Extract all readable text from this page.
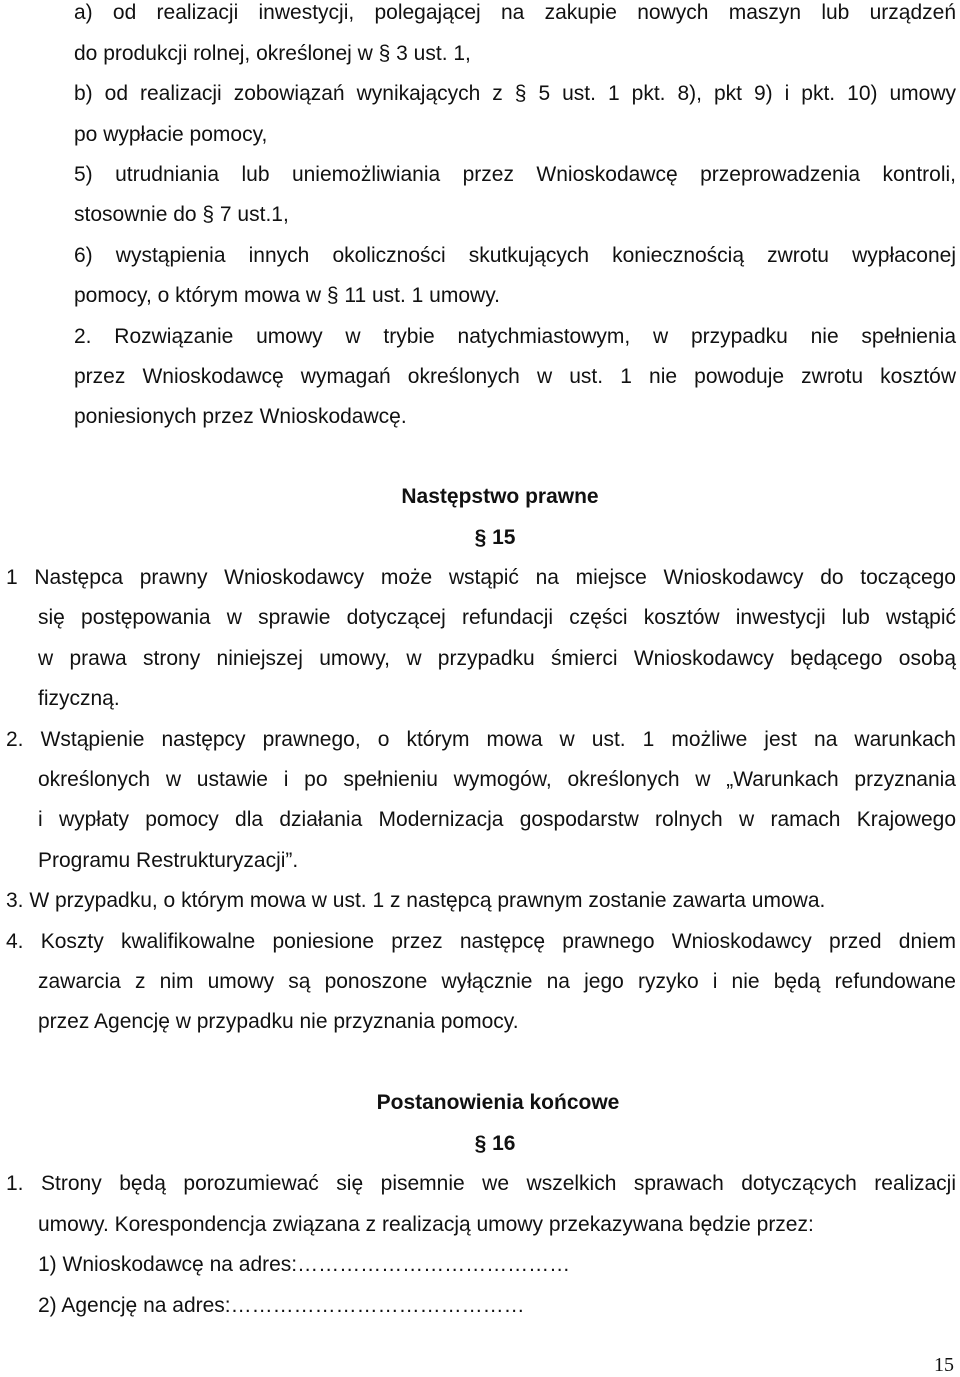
a) od realizacji inwestycji, polegającej na zakupie nowych maszyn lub urządzeń
do produkcji rolnej, określonej w § 3 ust. 1,
b) od realizacji zobowiązań wynikających z § 5 ust. 1 pkt. 8), pkt 9) i pkt. 10) umowy
po wypłacie pomocy,
5) utrudniania lub uniemożliwiania przez Wnioskodawcę przeprowadzenia kontroli,
stosownie do § 7 ust.1,
6) wystąpienia innych okoliczności skutkujących koniecznością zwrotu wypłaconej
pomocy, o którym mowa w § 11 ust. 1 umowy.
2. Rozwiązanie umowy w trybie natychmiastowym, w przypadku nie spełnienia
przez Wnioskodawcę wymagań określonych w ust. 1 nie powoduje zwrotu kosztów
poniesionych przez Wnioskodawcę.
Następstwo prawne
§ 15
1 Następca prawny Wnioskodawcy może wstąpić na miejsce Wnioskodawcy do toczącego
się postępowania w sprawie dotyczącej refundacji części kosztów inwestycji lub wstąpić
w prawa strony niniejszej umowy, w przypadku śmierci Wnioskodawcy będącego osobą
fizyczną.
2. Wstąpienie następcy prawnego, o którym mowa w ust. 1 możliwe jest na warunkach
określonych w ustawie i po spełnieniu wymogów, określonych w „Warunkach przyznania
i wypłaty pomocy dla działania Modernizacja gospodarstw rolnych w ramach Krajowego
Programu Restrukturyzacji”.
3. W przypadku, o którym mowa w ust. 1 z następcą prawnym zostanie zawarta umowa.
4. Koszty kwalifikowalne poniesione przez następcę prawnego Wnioskodawcy przed dniem
zawarcia z nim umowy są ponoszone wyłącznie na jego ryzyko i nie będą refundowane
przez Agencję w przypadku nie przyznania pomocy.
Postanowienia końcowe
§ 16
1. Strony będą porozumiewać się pisemnie we wszelkich sprawach dotyczących realizacji
umowy. Korespondencja związana z realizacją umowy przekazywana będzie przez:
1) Wnioskodawcę na adres:…………………………………
2) Agencję na adres:……………………………………
15
